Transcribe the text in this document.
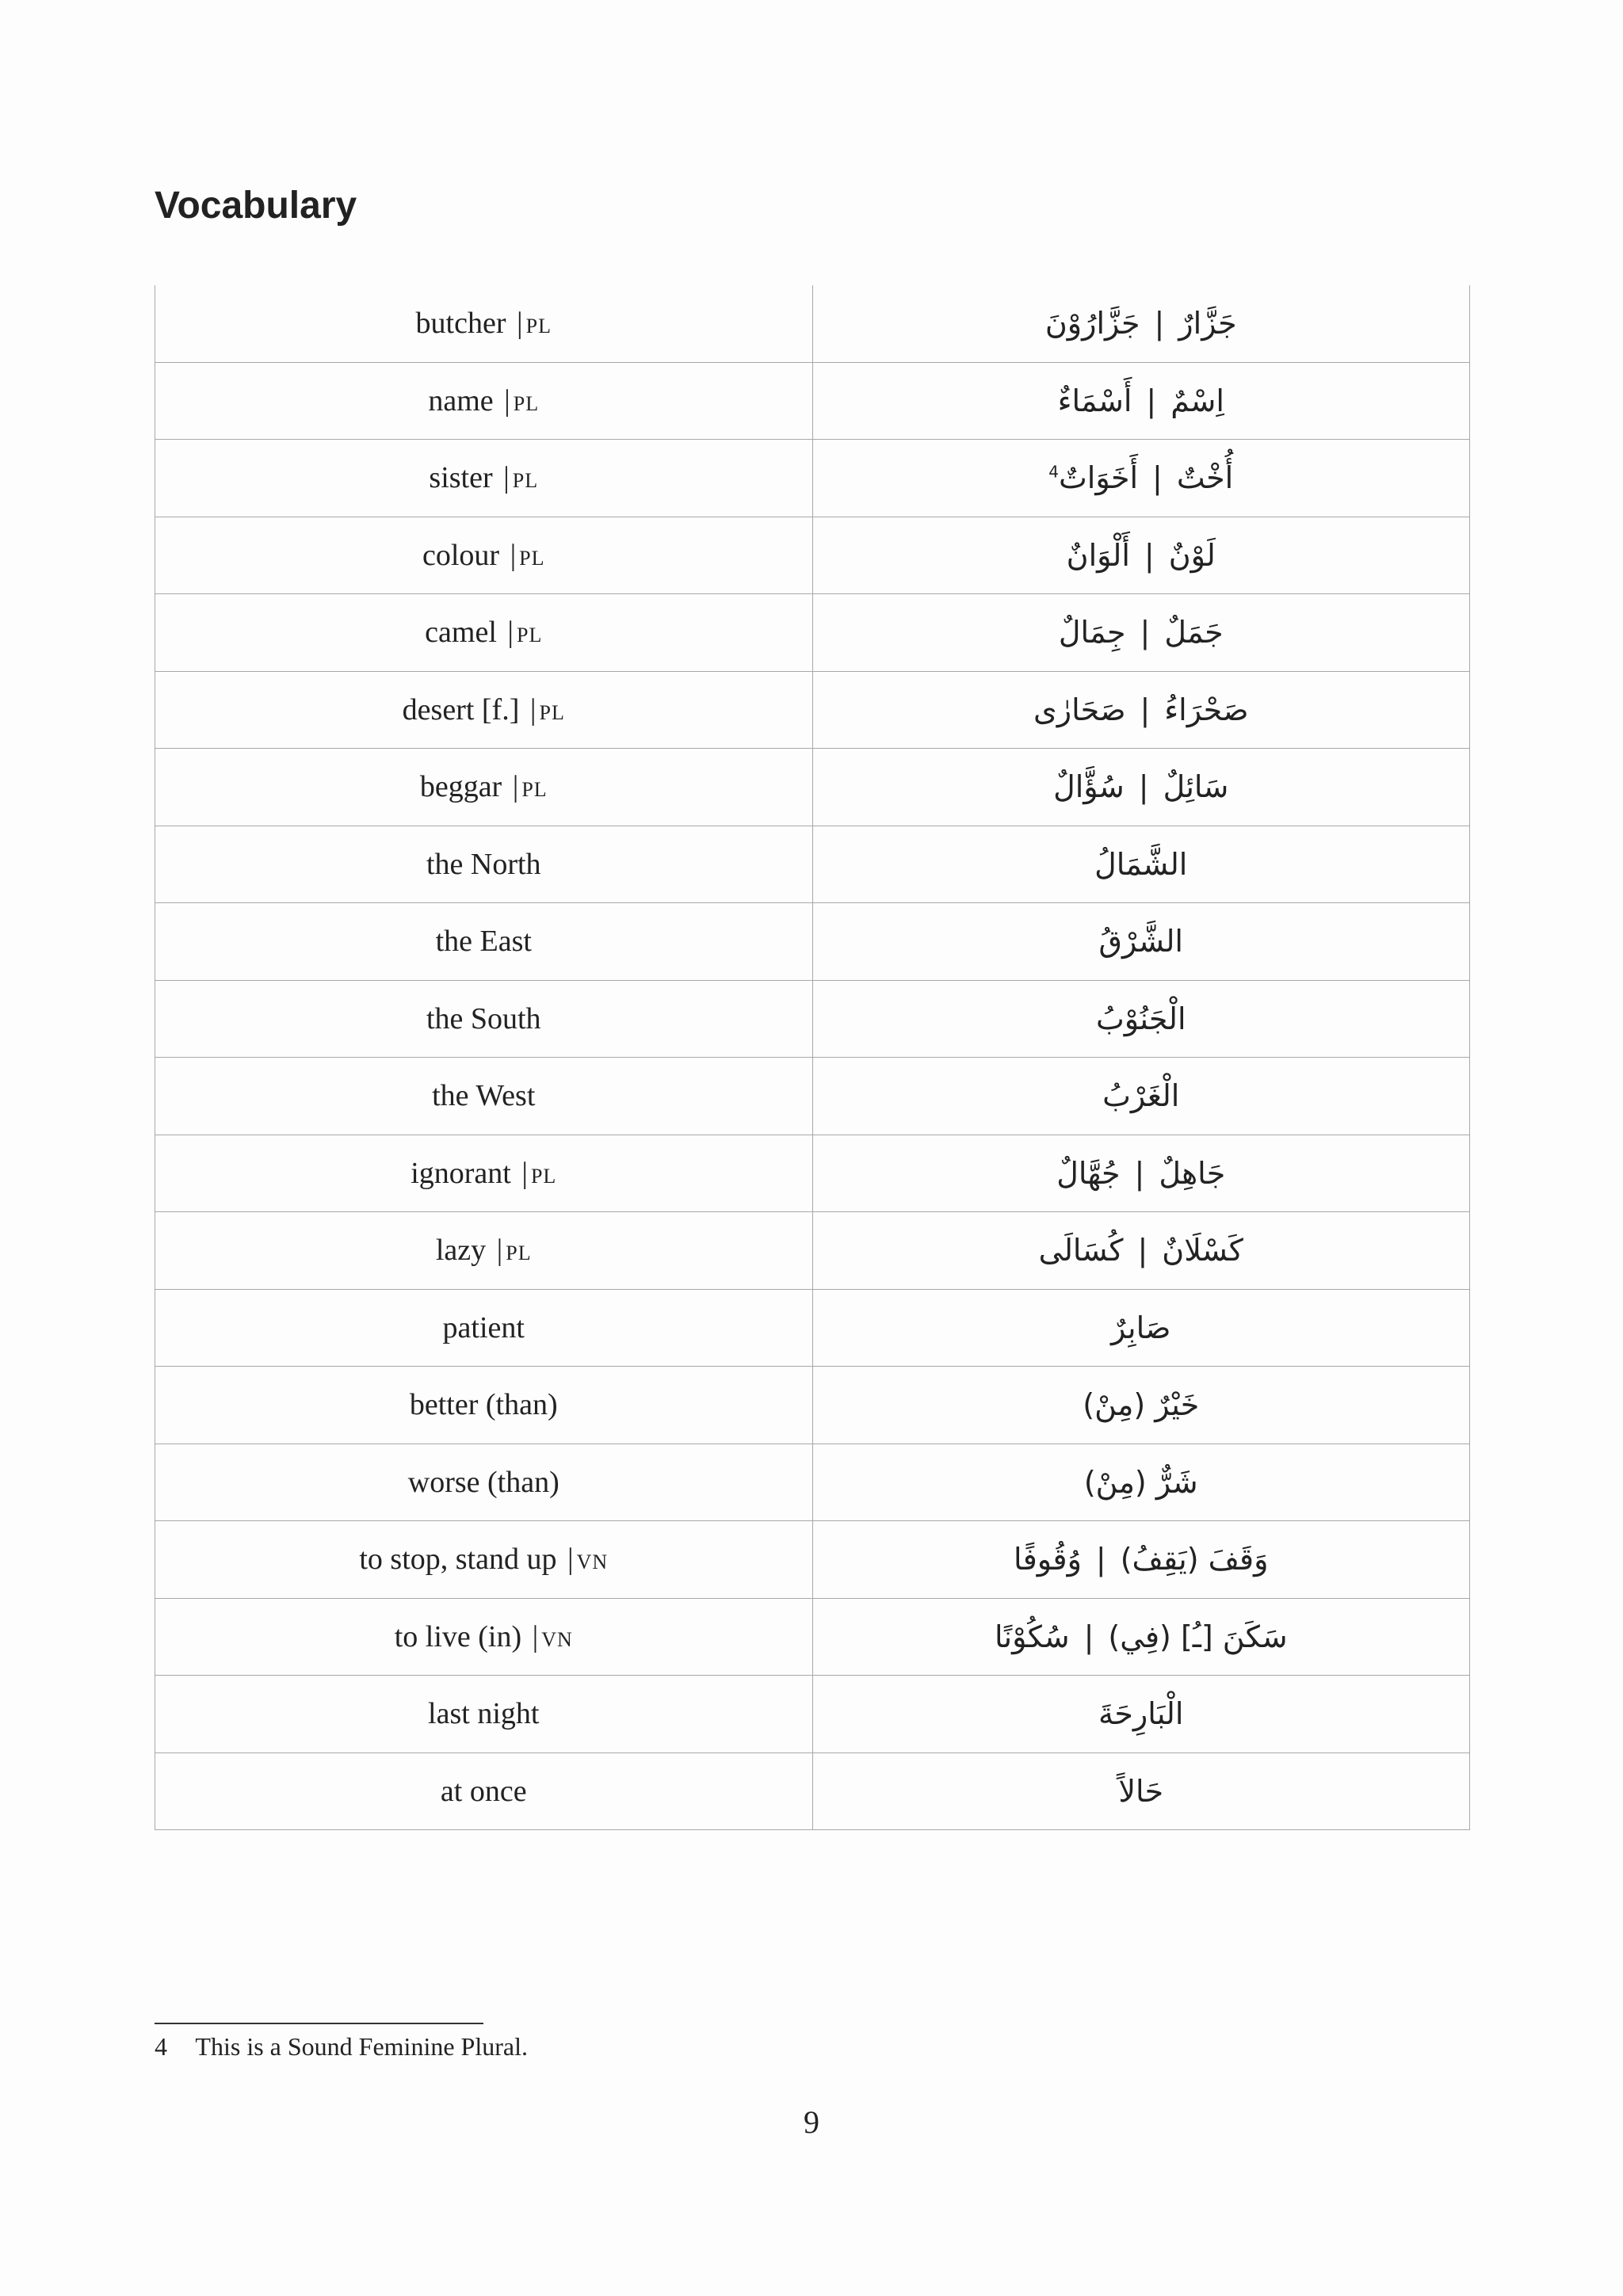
Vocabulary
butcher | PL	جَزَّارٌ|جَزَّارُوْنَ
name | PL	اِسْمٌ|أَسْمَاءٌ
sister | PL	أُخْتٌ|أَخَوَاتٌ$^4$
colour | PL	لَوْنٌ|أَلْوَانٌ
camel | PL	جَمَلٌ|جِمَالٌ
desert [f.] | PL	صَحْرَاءُ|صَحَارٰى
beggar | PL	سَائِلٌ|سُؤَّالٌ
the North	الشَّمَالُ
the East	الشَّرْقُ
the South	الْجَنُوْبُ
the West	الْغَرْبُ
ignorant | PL	جَاهِلٌ|جُهَّالٌ
lazy | PL	كَسْلَانٌ|كُسَالَى
patient	صَابِرٌ
better (than)	خَيْرٌ (مِنْ)
worse (than)	شَرٌّ (مِنْ)
to stop, stand up | VN	وَقَفَ (يَقِفُ)|وُقُوفًا
to live (in) | VN	سَكَنَ [ـُ] (فِي)|سُكُوْنًا
last night	الْبَارِحَةَ
at once	حَالاً
4 This is a Sound Feminine Plural.
9
